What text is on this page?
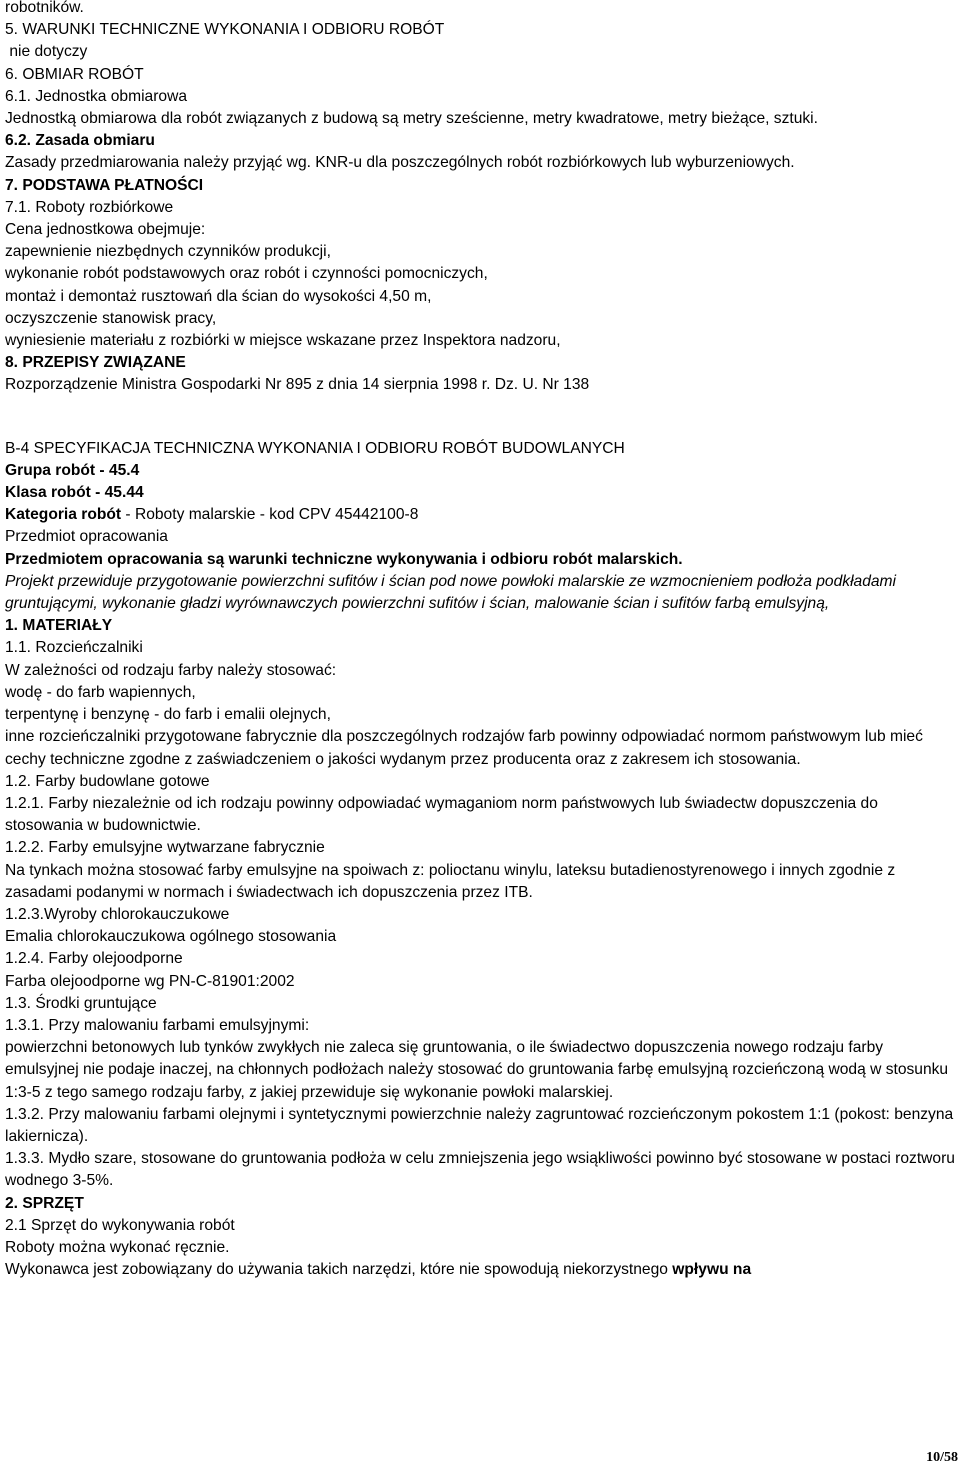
robotników.
5. WARUNKI TECHNICZNE WYKONANIA I ODBIORU ROBÓT
nie dotyczy
6. OBMIAR ROBÓT
6.1. Jednostka obmiarowa
Jednostką obmiarowa dla robót związanych z budową są metry sześcienne, metry kwadratowe, metry bieżące, sztuki.
6.2. Zasada obmiaru
Zasady przedmiarowania należy przyjąć wg. KNR-u dla poszczególnych robót rozbiórkowych lub wyburzeniowych.
7. PODSTAWA PŁATNOŚCI
7.1. Roboty rozbiórkowe
Cena jednostkowa obejmuje:
zapewnienie niezbędnych czynników produkcji,
wykonanie robót podstawowych oraz robót i czynności pomocniczych,
montaż i demontaż rusztowań dla ścian do wysokości 4,50 m,
oczyszczenie stanowisk pracy,
wyniesienie materiału z rozbiórki w miejsce wskazane przez Inspektora nadzoru,
8. PRZEPISY ZWIĄZANE
Rozporządzenie Ministra Gospodarki Nr 895 z dnia 14 sierpnia 1998 r. Dz. U. Nr 138
B-4 SPECYFIKACJA TECHNICZNA WYKONANIA I ODBIORU ROBÓT BUDOWLANYCH
Grupa robót - 45.4
Klasa robót - 45.44
Kategoria robót - Roboty malarskie - kod CPV 45442100-8
Przedmiot opracowania
Przedmiotem opracowania są warunki techniczne wykonywania i odbioru robót malarskich.
Projekt przewiduje przygotowanie powierzchni sufitów i ścian pod nowe powłoki malarskie ze wzmocnieniem podłoża podkładami gruntującymi, wykonanie gładzi wyrównawczych powierzchni sufitów i ścian, malowanie ścian i sufitów farbą emulsyjną,
1. MATERIAŁY
1.1. Rozcieńczalniki
W zależności od rodzaju farby należy stosować:
wodę - do farb wapiennych,
terpentynę i benzynę - do farb i emalii olejnych,
inne rozcieńczalniki przygotowane fabrycznie dla poszczególnych rodzajów farb powinny odpowiadać normom państwowym lub mieć cechy techniczne zgodne z zaświadczeniem o jakości wydanym przez producenta oraz z zakresem ich stosowania.
1.2. Farby budowlane gotowe
1.2.1. Farby niezależnie od ich rodzaju powinny odpowiadać wymaganiom norm państwowych lub świadectw dopuszczenia do stosowania w budownictwie.
1.2.2. Farby emulsyjne wytwarzane fabrycznie
Na tynkach można stosować farby emulsyjne na spoiwach z: polioctanu winylu, lateksu butadienostyrenowego i innych zgodnie z zasadami podanymi w normach i świadectwach ich dopuszczenia przez ITB.
1.2.3.Wyroby chlorokauczukowe
Emalia chlorokauczukowa ogólnego stosowania
1.2.4. Farby olejoodporne
Farba olejoodporne wg PN-C-81901:2002
1.3. Środki gruntujące
1.3.1. Przy malowaniu farbami emulsyjnymi:
powierzchni betonowych lub tynków zwykłych nie zaleca się gruntowania, o ile świadectwo dopuszczenia nowego rodzaju farby emulsyjnej nie podaje inaczej, na chłonnych podłożach należy stosować do gruntowania farbę emulsyjną rozcieńczoną wodą w stosunku 1:3-5 z tego samego rodzaju farby, z jakiej przewiduje się wykonanie powłoki malarskiej.
1.3.2. Przy malowaniu farbami olejnymi i syntetycznymi powierzchnie należy zagruntować rozcieńczonym pokostem 1:1 (pokost: benzyna lakiernicza).
1.3.3. Mydło szare, stosowane do gruntowania podłoża w celu zmniejszenia jego wsiąkliwości powinno być stosowane w postaci roztworu wodnego 3-5%.
2. SPRZĘT
2.1 Sprzęt do wykonywania robót
Roboty można wykonać ręcznie.
Wykonawca jest zobowiązany do używania takich narzędzi, które nie spowodują niekorzystnego wpływu na
10/58
